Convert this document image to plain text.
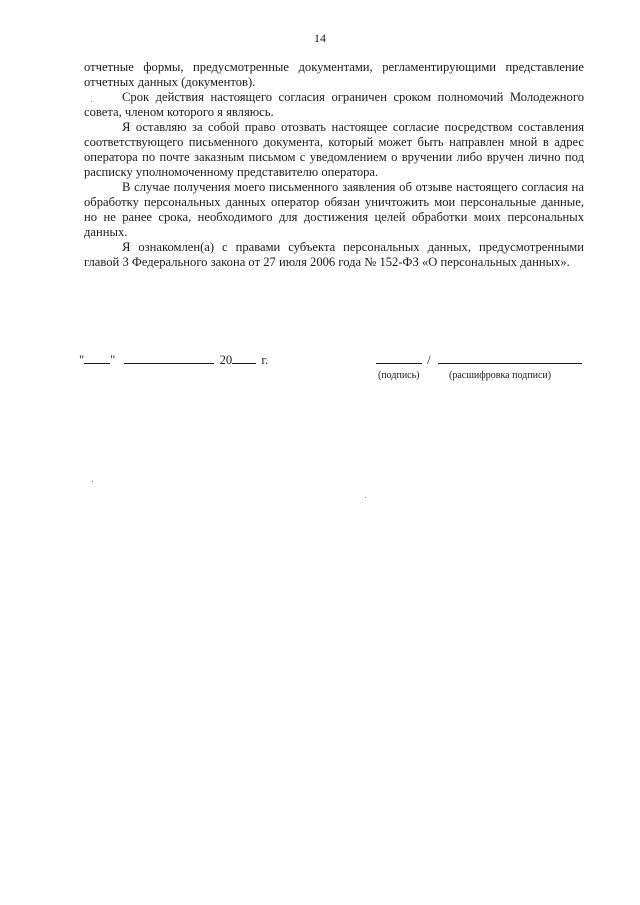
14

отчетные формы, предусмотренные документами, регламентирующими представление отчетных данных (документов).

Срок действия настоящего согласия ограничен сроком полномочий Молодежного совета, членом которого я являюсь.

Я оставляю за собой право отозвать настоящее согласие посредством составления соответствующего письменного документа, который может быть направлен мной в адрес оператора по почте заказным письмом с уведомлением о вручении либо вручен лично под расписку уполномоченному представителю оператора.

В случае получения моего письменного заявления об отзыве настоящего согласия на обработку персональных данных оператор обязан уничтожить мои персональные данные, но не ранее срока, необходимого для достижения целей обработки моих персональных данных.

Я ознакомлен(а) с правами субъекта персональных данных, предусмотренными главой 3 Федерального закона от 27 июля 2006 года № 152-ФЗ «О персональных данных».

" "	20 г.	/
(подпись)	(расшифровка подписи)
